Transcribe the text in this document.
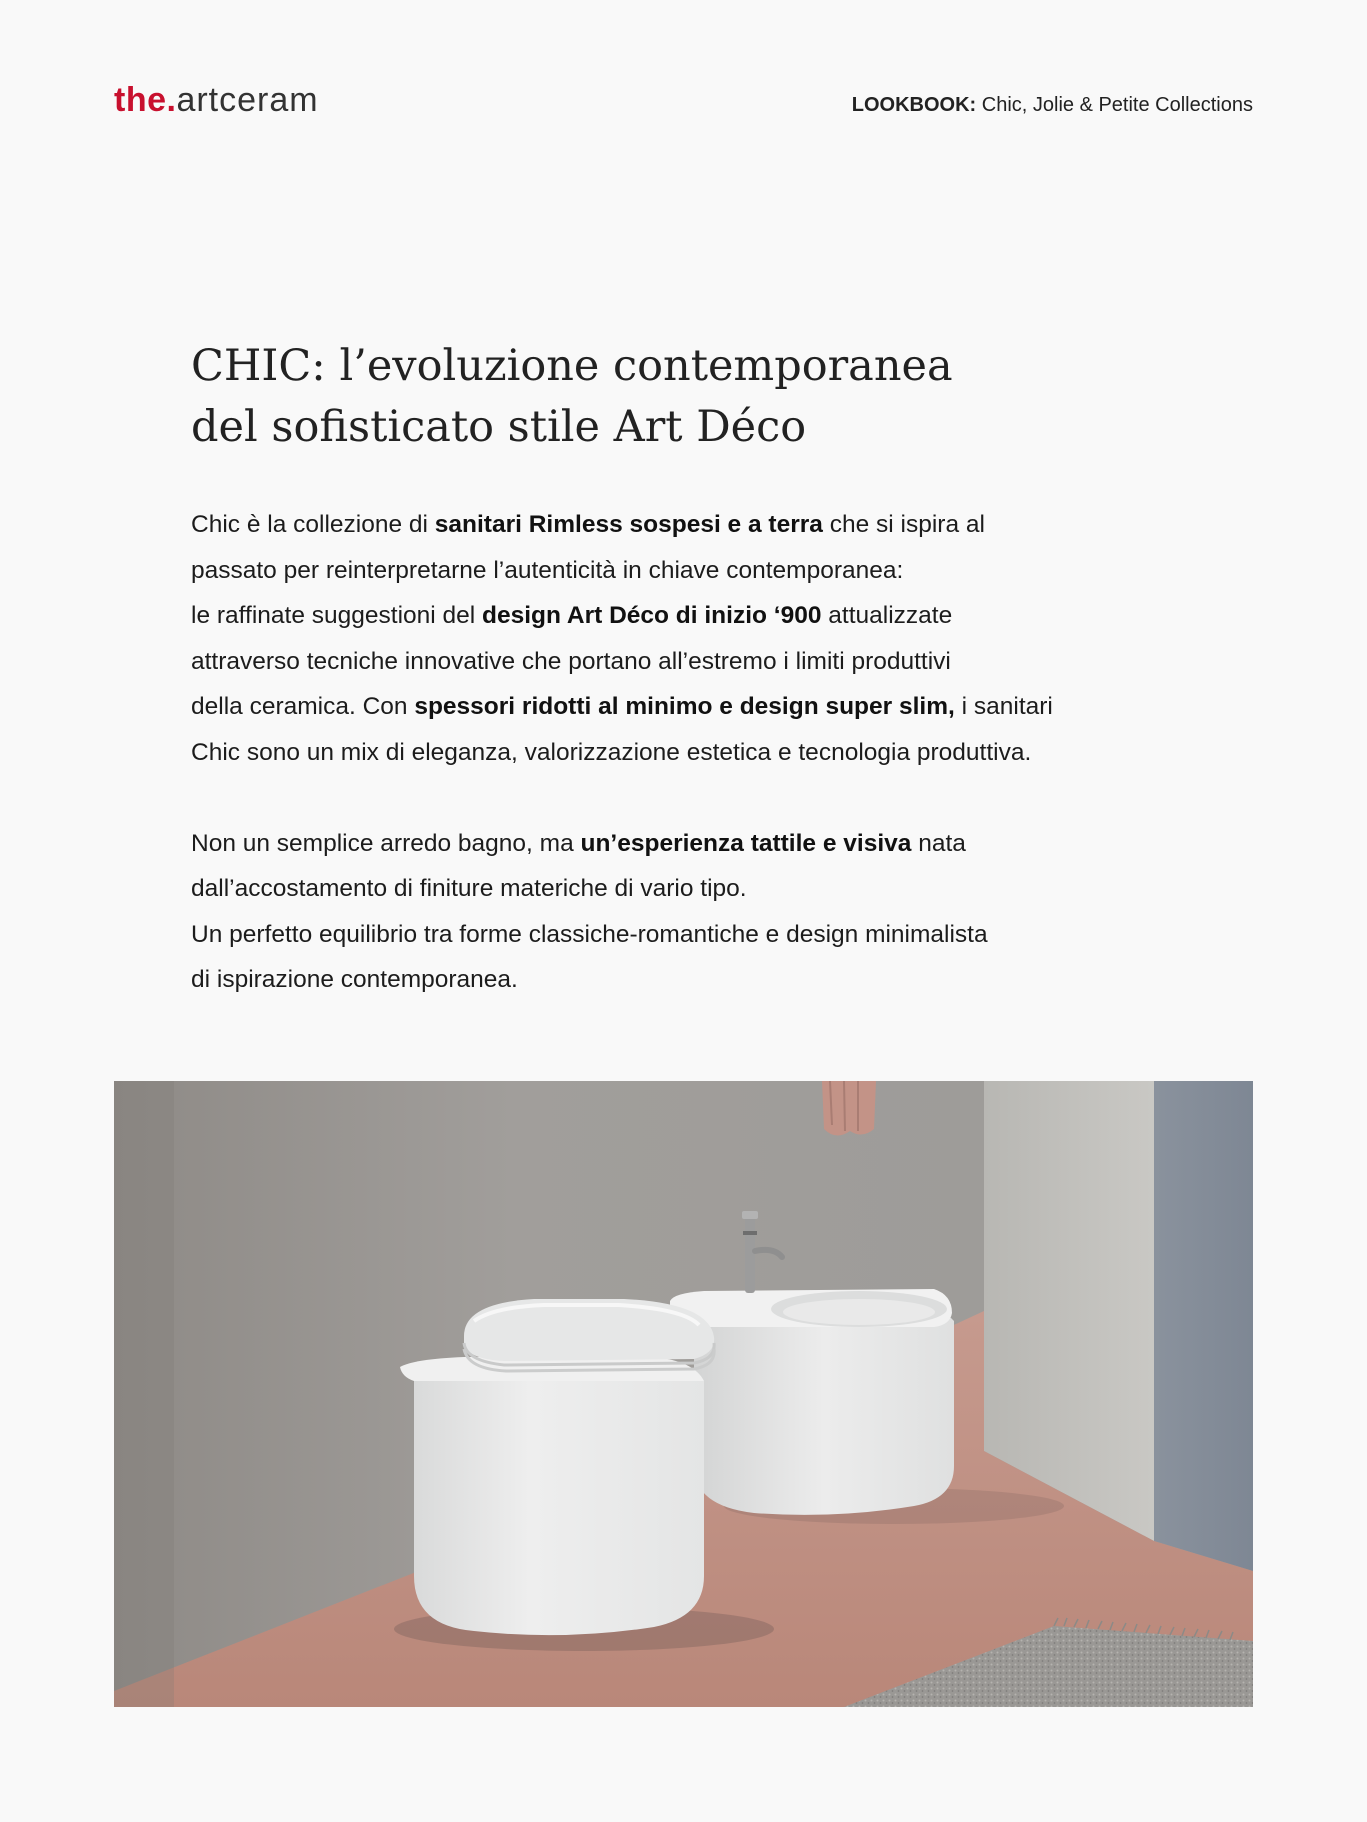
the.artceram	LOOKBOOK: Chic, Jolie & Petite Collections
CHIC: l’evoluzione contemporanea
del sofisticato stile Art Déco

Chic è la collezione di sanitari Rimless sospesi e a terra che si ispira al
passato per reinterpretarne l’autenticità in chiave contemporanea:
le raffinate suggestioni del design Art Déco di inizio ‘900 attualizzate
attraverso tecniche innovative che portano all’estremo i limiti produttivi
della ceramica. Con spessori ridotti al minimo e design super slim, i sanitari
Chic sono un mix di eleganza, valorizzazione estetica e tecnologia produttiva.

Non un semplice arredo bagno, ma un’esperienza tattile e visiva nata
dall’accostamento di finiture materiche di vario tipo.
Un perfetto equilibrio tra forme classiche-romantiche e design minimalista
di ispirazione contemporanea.
